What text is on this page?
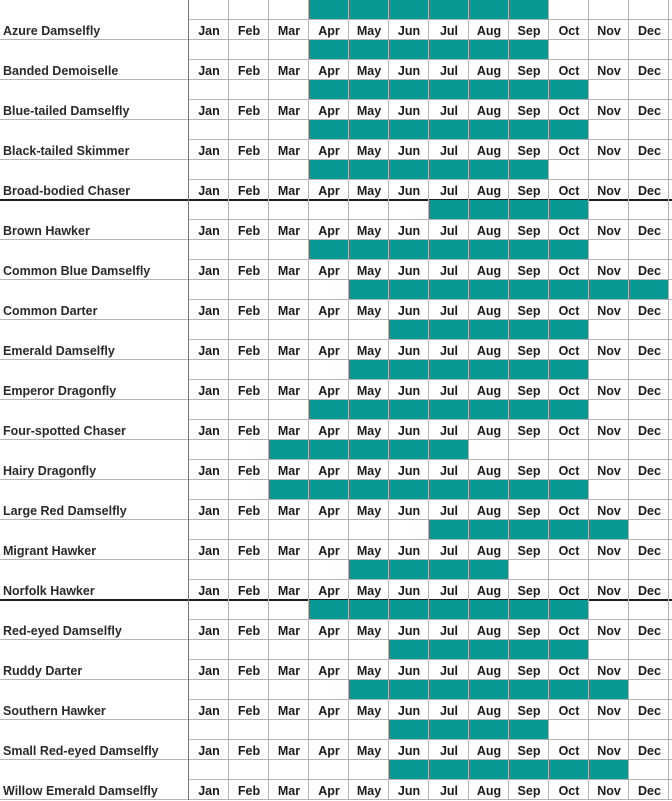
Azure Damselfly	Jan	Feb	Mar	Apr	May	Jun	Jul	Aug	Sep	Oct	Nov	Dec
Banded Demoiselle	Jan	Feb	Mar	Apr	May	Jun	Jul	Aug	Sep	Oct	Nov	Dec
Blue-tailed Damselfly	Jan	Feb	Mar	Apr	May	Jun	Jul	Aug	Sep	Oct	Nov	Dec
Black-tailed Skimmer	Jan	Feb	Mar	Apr	May	Jun	Jul	Aug	Sep	Oct	Nov	Dec
Broad-bodied Chaser	Jan	Feb	Mar	Apr	May	Jun	Jul	Aug	Sep	Oct	Nov	Dec
Brown Hawker	Jan	Feb	Mar	Apr	May	Jun	Jul	Aug	Sep	Oct	Nov	Dec
Common Blue Damselfly	Jan	Feb	Mar	Apr	May	Jun	Jul	Aug	Sep	Oct	Nov	Dec
Common Darter	Jan	Feb	Mar	Apr	May	Jun	Jul	Aug	Sep	Oct	Nov	Dec
Emerald Damselfly	Jan	Feb	Mar	Apr	May	Jun	Jul	Aug	Sep	Oct	Nov	Dec
Emperor Dragonfly	Jan	Feb	Mar	Apr	May	Jun	Jul	Aug	Sep	Oct	Nov	Dec
Four-spotted Chaser	Jan	Feb	Mar	Apr	May	Jun	Jul	Aug	Sep	Oct	Nov	Dec
Hairy Dragonfly	Jan	Feb	Mar	Apr	May	Jun	Jul	Aug	Sep	Oct	Nov	Dec
Large Red Damselfly	Jan	Feb	Mar	Apr	May	Jun	Jul	Aug	Sep	Oct	Nov	Dec
Migrant Hawker	Jan	Feb	Mar	Apr	May	Jun	Jul	Aug	Sep	Oct	Nov	Dec
Norfolk Hawker	Jan	Feb	Mar	Apr	May	Jun	Jul	Aug	Sep	Oct	Nov	Dec
Red-eyed Damselfly	Jan	Feb	Mar	Apr	May	Jun	Jul	Aug	Sep	Oct	Nov	Dec
Ruddy Darter	Jan	Feb	Mar	Apr	May	Jun	Jul	Aug	Sep	Oct	Nov	Dec
Southern Hawker	Jan	Feb	Mar	Apr	May	Jun	Jul	Aug	Sep	Oct	Nov	Dec
Small Red-eyed Damselfly	Jan	Feb	Mar	Apr	May	Jun	Jul	Aug	Sep	Oct	Nov	Dec
Willow Emerald Damselfly	Jan	Feb	Mar	Apr	May	Jun	Jul	Aug	Sep	Oct	Nov	Dec
